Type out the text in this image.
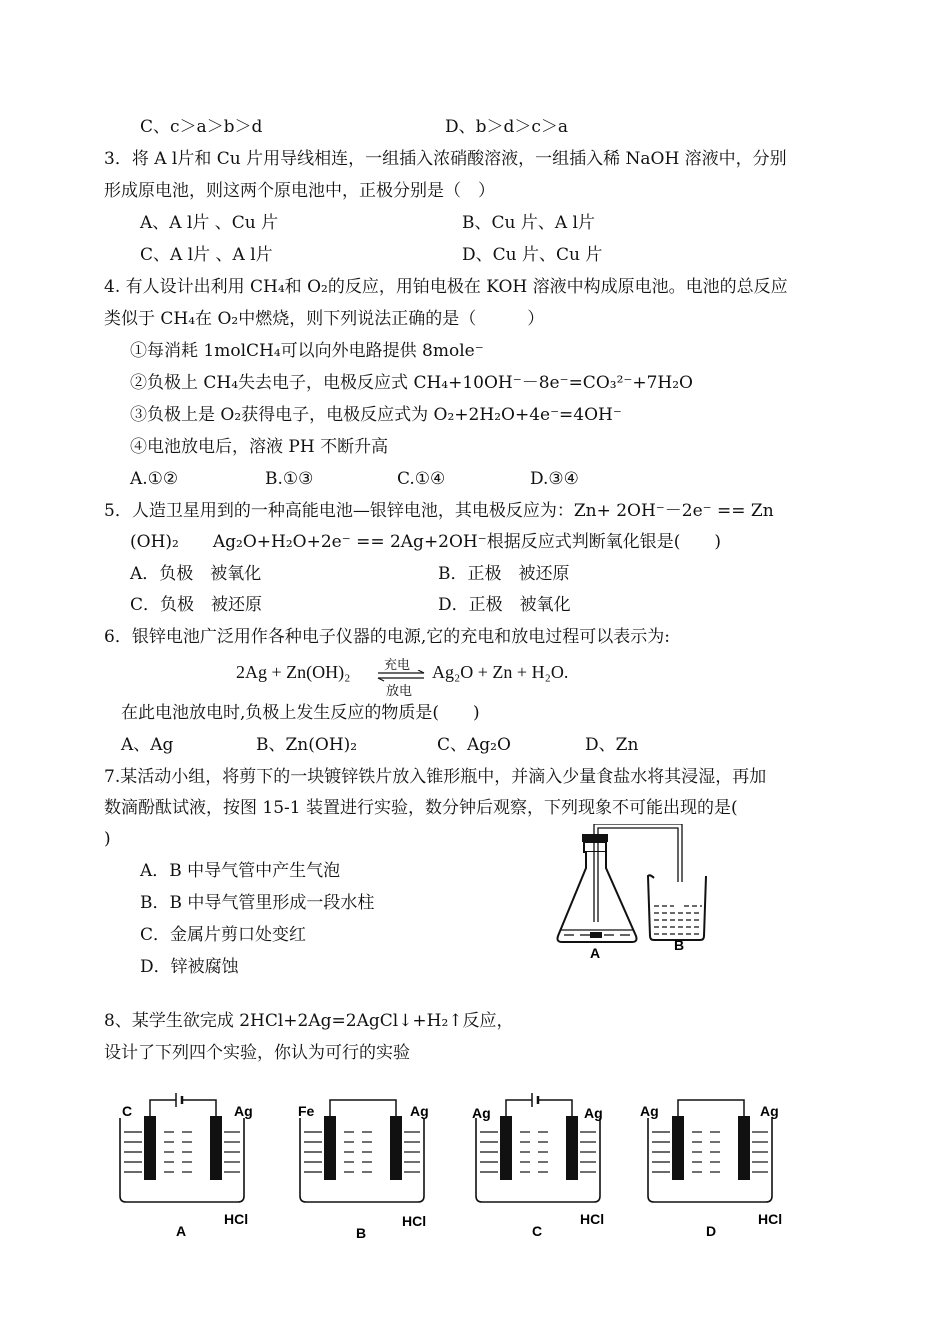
C、c＞a＞b＞d	D、b＞d＞c＞a
3．将 A l片和 Cu 片用导线相连，一组插入浓硝酸溶液，一组插入稀 NaOH 溶液中，分别
形成原电池，则这两个原电池中，正极分别是（　）
A、A l片 、Cu 片	B、Cu 片、A l片
C、A l片 、A l片	D、Cu 片、Cu 片
4. 有人设计出利用 CH₄和 O₂的反应，用铂电极在 KOH 溶液中构成原电池。电池的总反应
类似于 CH₄在 O₂中燃烧，则下列说法正确的是（　　　）
①每消耗 1molCH₄可以向外电路提供 8mole⁻
②负极上 CH₄失去电子，电极反应式 CH₄+10OH⁻－8e⁻=CO₃²⁻+7H₂O
③负极上是 O₂获得电子，电极反应式为 O₂+2H₂O+4e⁻=4OH⁻
④电池放电后，溶液 PH 不断升高
A.①②	B.①③	C.①④	D.③④
5．人造卫星用到的一种高能电池—银锌电池，其电极反应为：Zn+ 2OH⁻－2e⁻ == Zn
(OH)₂　　Ag₂O+H₂O+2e⁻ == 2Ag+2OH⁻根据反应式判断氧化银是(　　)
A．负极　被氧化	B．正极　被还原
C．负极　被还原	D．正极　被氧化
6．银锌电池广泛用作各种电子仪器的电源,它的充电和放电过程可以表示为:
2Ag + Zn(OH)₂	充电
放电
Ag₂O + Zn + H₂O.
在此电池放电时,负极上发生反应的物质是(　　)
A、Ag	B、Zn(OH)₂	C、Ag₂O	D、Zn
7.某活动小组，将剪下的一块镀锌铁片放入锥形瓶中，并滴入少量食盐水将其浸湿，再加
数滴酚酞试液，按图 15-1 装置进行实验，数分钟后观察，下列现象不可能出现的是(
)
A．B 中导气管中产生气泡
B．B 中导气管里形成一段水柱
C．金属片剪口处变红
D．锌被腐蚀
A	B
8、某学生欲完成 2HCl+2Ag=2AgCl↓+H₂↑反应，
设计了下列四个实验，你认为可行的实验
C	Ag
HCl
A
Fe	Ag
HCl
B
Ag	Ag
HCl
C
Ag	Ag
HCl
D
